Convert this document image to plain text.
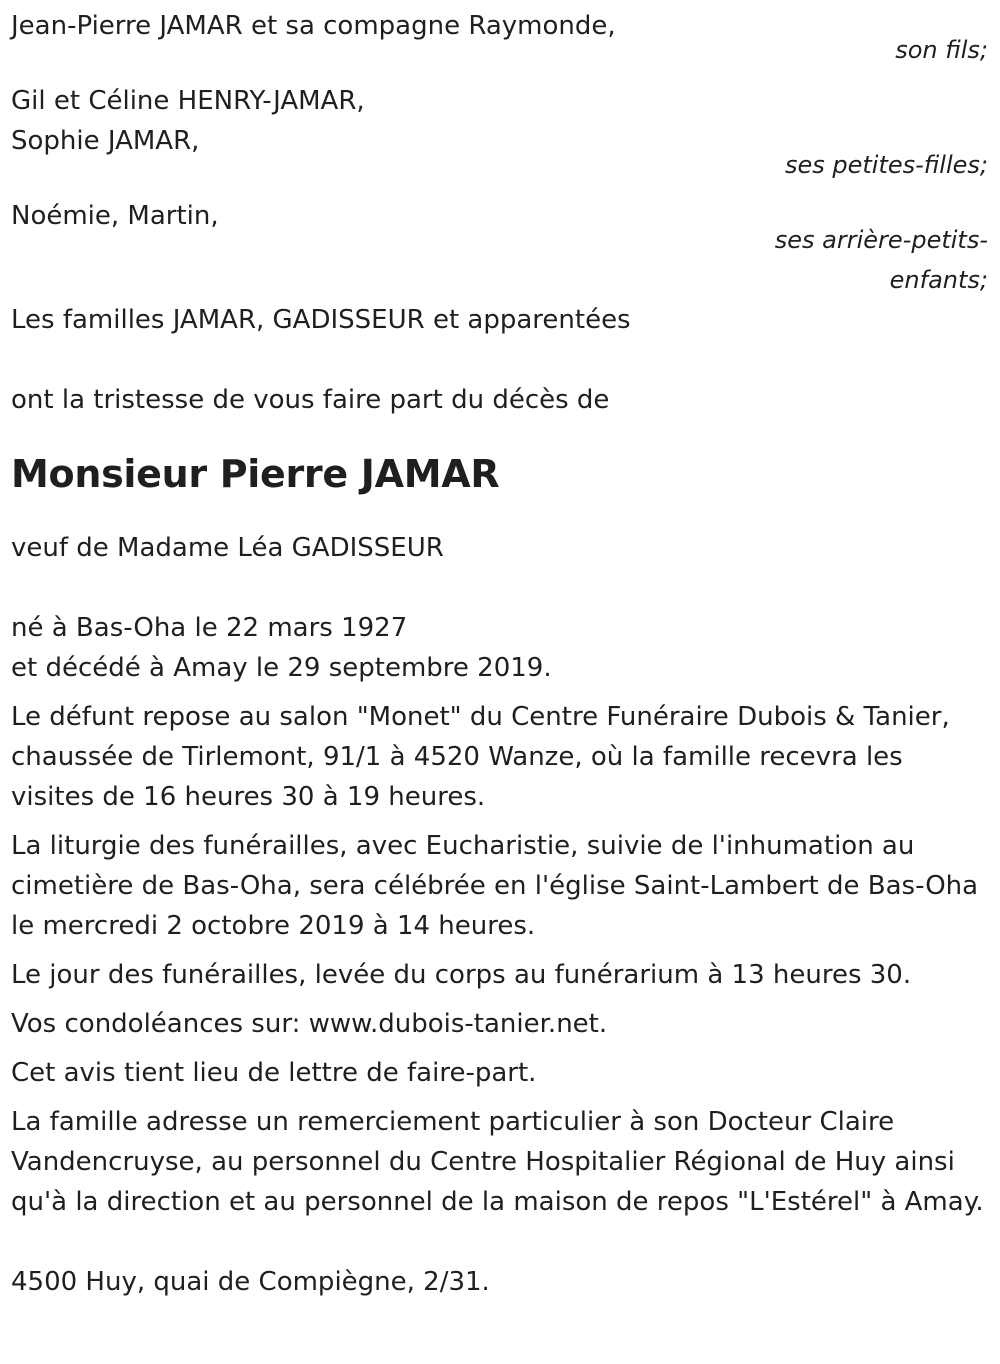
Jean-Pierre JAMAR et sa compagne Raymonde,
son fils;
Gil et Céline HENRY-JAMAR,
Sophie JAMAR,
ses petites-filles;
Noémie, Martin,
ses arrière-petits-enfants;
Les familles JAMAR, GADISSEUR et apparentées
ont la tristesse de vous faire part du décès de
Monsieur Pierre JAMAR
veuf de Madame Léa GADISSEUR
né à Bas-Oha le 22 mars 1927
et décédé à Amay le 29 septembre 2019.

Le défunt repose au salon "Monet" du Centre Funéraire Dubois & Tanier, chaussée de Tirlemont, 91/1 à 4520 Wanze, où la famille recevra les visites de 16 heures 30 à 19 heures.

La liturgie des funérailles, avec Eucharistie, suivie de l'inhumation au cimetière de Bas-Oha, sera célébrée en l'église Saint-Lambert de Bas-Oha le mercredi 2 octobre 2019 à 14 heures.

Le jour des funérailles, levée du corps au funérarium à 13 heures 30.

Vos condoléances sur: www.dubois-tanier.net.

Cet avis tient lieu de lettre de faire-part.

La famille adresse un remerciement particulier à son Docteur Claire Vandencruyse, au personnel du Centre Hospitalier Régional de Huy ainsi qu'à la direction et au personnel de la maison de repos "L'Estérel" à Amay.

4500 Huy, quai de Compiègne, 2/31.
